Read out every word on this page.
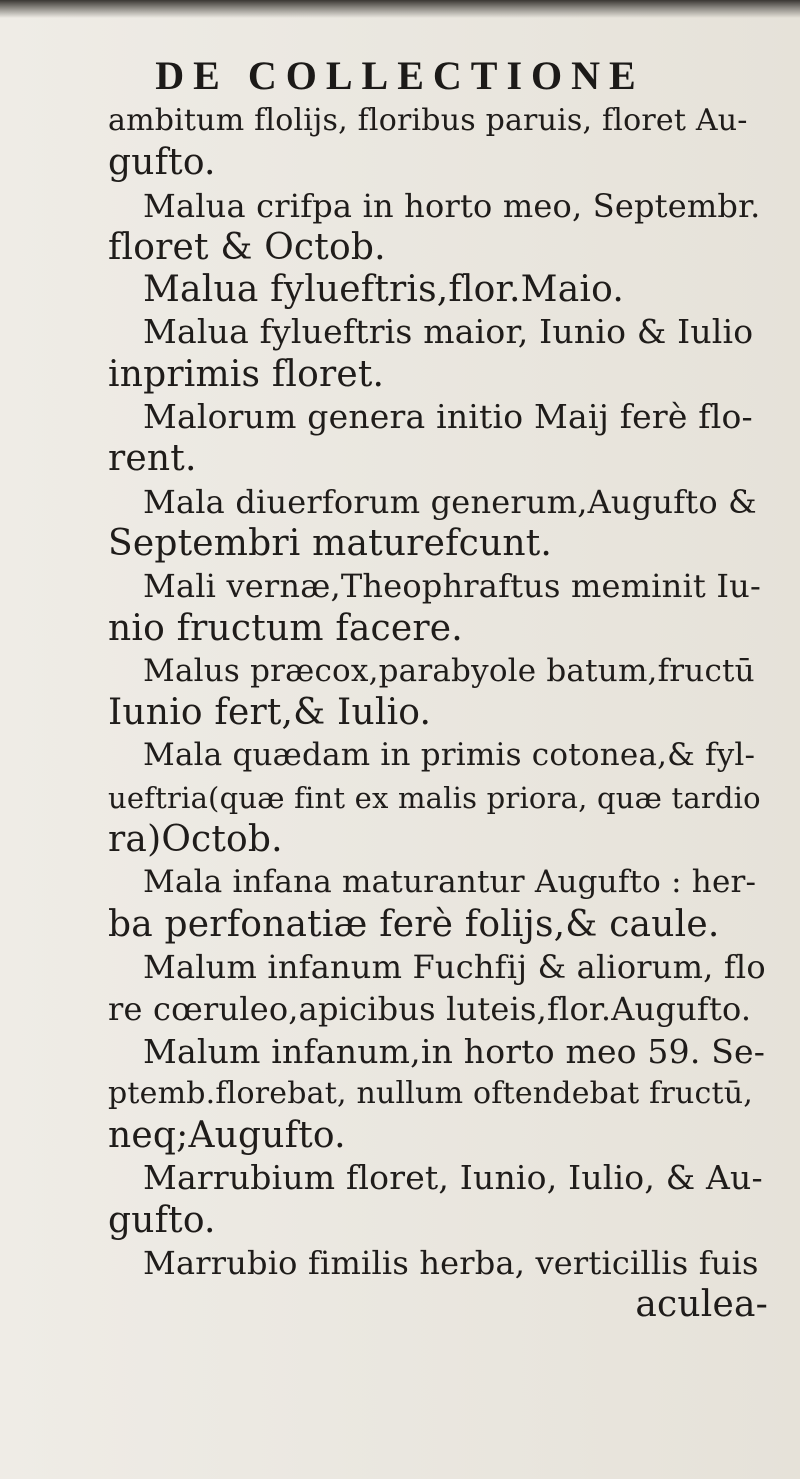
DE COLLECTIONE
ambitum flolijs, floribus paruis, floret Au-
gufto.
Malua crifpa in horto meo, Septembr.
floret & Octob.
Malua fylueftris,flor.Maio.
Malua fylueftris maior, Iunio & Iulio
inprimis floret.
Malorum genera initio Maij ferè flo-
rent.
Mala diuerforum generum,Augufto &
Septembri maturefcunt.
Mali vernæ,Theophraftus meminit Iu-
nio fructum facere.
Malus præcox,parabyole batum,fructū
Iunio fert,& Iulio.
Mala quædam in primis cotonea,& fyl-
ueftria(quæ fint ex malis priora, quæ tardio
ra)Octob.
Mala infana maturantur Augufto : her-
ba perfonatiæ ferè folijs,& caule.
Malum infanum Fuchfij & aliorum, flo
re cœruleo,apicibus luteis,flor.Augufto.
Malum infanum,in horto meo 59. Se-
ptemb.florebat, nullum oftendebat fructū,
neq;Augufto.
Marrubium floret, Iunio, Iulio, & Au-
gufto.
Marrubio fimilis herba, verticillis fuis
aculea-
